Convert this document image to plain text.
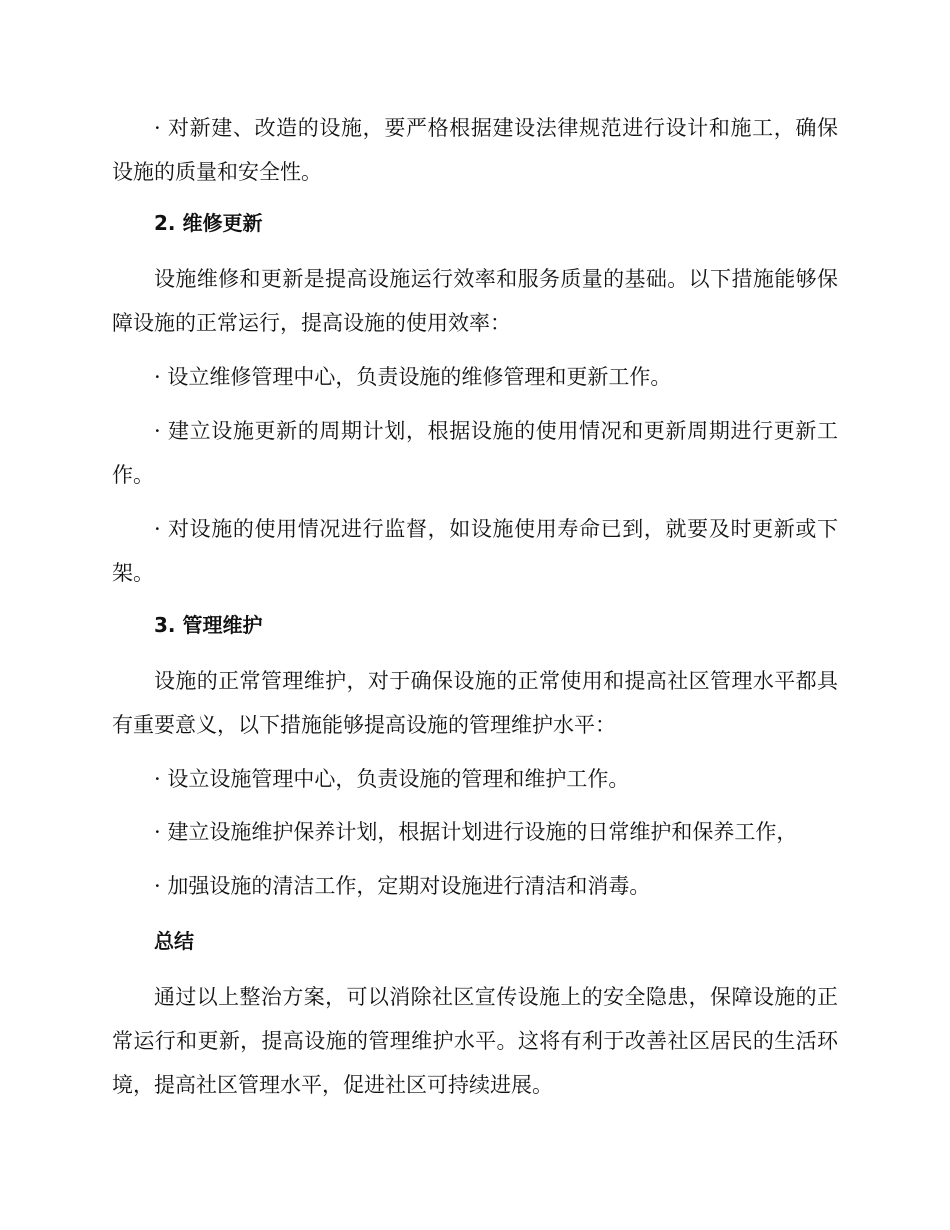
· 对新建、改造的设施，要严格根据建设法律规范进行设计和施工，确保设施的质量和安全性。

2. 维修更新

设施维修和更新是提高设施运行效率和服务质量的基础。以下措施能够保障设施的正常运行，提高设施的使用效率：

· 设立维修管理中心，负责设施的维修管理和更新工作。

· 建立设施更新的周期计划，根据设施的使用情况和更新周期进行更新工作。

· 对设施的使用情况进行监督，如设施使用寿命已到，就要及时更新或下架。

3. 管理维护

设施的正常管理维护，对于确保设施的正常使用和提高社区管理水平都具有重要意义，以下措施能够提高设施的管理维护水平：

· 设立设施管理中心，负责设施的管理和维护工作。

· 建立设施维护保养计划，根据计划进行设施的日常维护和保养工作，

· 加强设施的清洁工作，定期对设施进行清洁和消毒。

总结

通过以上整治方案，可以消除社区宣传设施上的安全隐患，保障设施的正常运行和更新，提高设施的管理维护水平。这将有利于改善社区居民的生活环境，提高社区管理水平，促进社区可持续进展。
